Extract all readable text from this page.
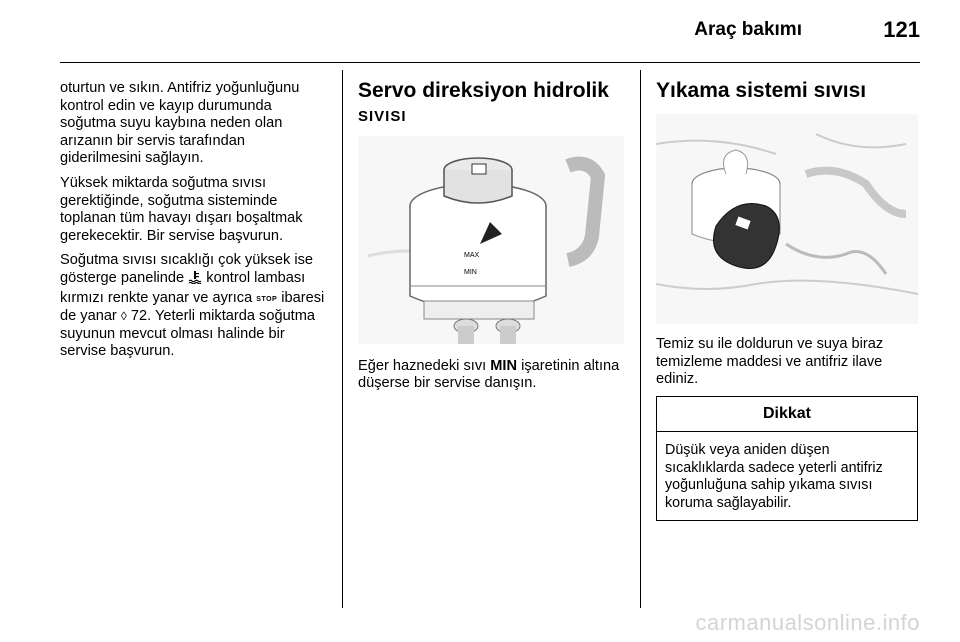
Araç bakımı	121

oturtun ve sıkın. Antifriz yoğunluğunu kontrol edin ve kayıp durumunda soğutma suyu kaybına neden olan arızanın bir servis tarafından giderilmesini sağlayın.

Yüksek miktarda soğutma sıvısı gerektiğinde, soğutma sisteminde toplanan tüm havayı dışarı boşaltmak gerekecektir. Bir servise başvurun.

Soğutma sıvısı sıcaklığı çok yüksek ise gösterge panelinde kontrol lambası kırmızı renkte yanar ve ayrıca STOP ibaresi de yanar ◊ 72. Yeterli miktarda soğutma suyunun mevcut olması halinde bir servise başvurun.

Servo direksiyon hidrolik
SIVISI
MAX
MIN

Eğer haznedeki sıvı MIN işaretinin altına düşerse bir servise danışın.

Yıkama sistemi sıvısı

Temiz su ile doldurun ve suya biraz temizleme maddesi ve antifriz ilave ediniz.

Dikkat
Düşük veya aniden düşen sıcaklıklarda sadece yeterli antifriz yoğunluğuna sahip yıkama sıvısı koruma sağlayabilir.
carmanualsonline.info
